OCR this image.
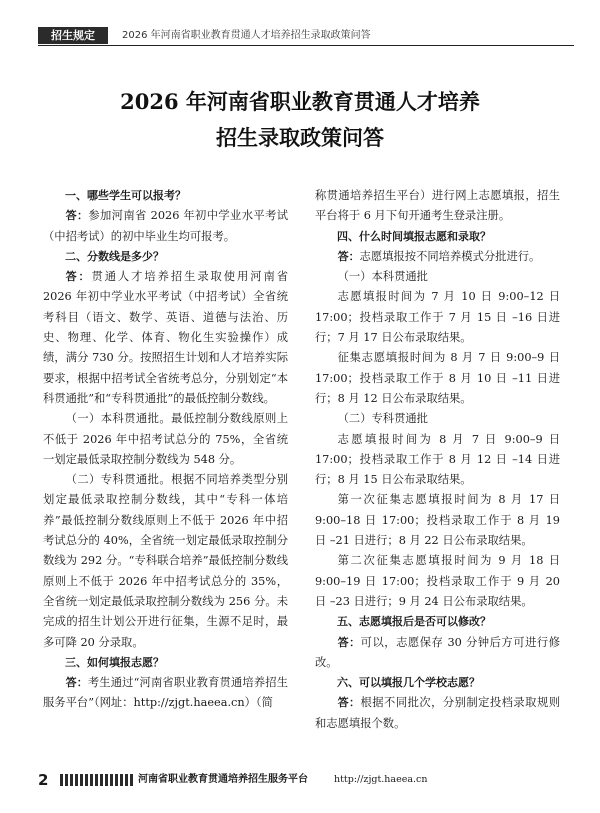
招生规定	2026 年河南省职业教育贯通人才培养招生录取政策问答
2026 年河南省职业教育贯通人才培养
招生录取政策问答

一、哪些学生可以报考？

答：参加河南省 2026 年初中学业水平考试（中招考试）的初中毕业生均可报考。

二、分数线是多少？

答：贯通人才培养招生录取使用河南省 2026 年初中学业水平考试（中招考试）全省统考科目（语文、数学、英语、道德与法治、历史、物理、化学、体育、物化生实验操作）成绩，满分 730 分。按照招生计划和人才培养实际要求，根据中招考试全省统考总分，分别划定“本科贯通批”和“专科贯通批”的最低控制分数线。

（一）本科贯通批。最低控制分数线原则上不低于 2026 年中招考试总分的 75%，全省统一划定最低录取控制分数线为 548 分。

（二）专科贯通批。根据不同培养类型分别划定最低录取控制分数线，其中“专科一体培养”最低控制分数线原则上不低于 2026 年中招考试总分的 40%，全省统一划定最低录取控制分数线为 292 分。“专科联合培养”最低控制分数线原则上不低于 2026 年中招考试总分的 35%，全省统一划定最低录取控制分数线为 256 分。未完成的招生计划公开进行征集，生源不足时，最多可降 20 分录取。

三、如何填报志愿？

答：考生通过“河南省职业教育贯通培养招生服务平台”（网址：http://zjgt.haeea.cn）（简

称贯通培养招生平台）进行网上志愿填报，招生平台将于 6 月下旬开通考生登录注册。

四、什么时间填报志愿和录取？

答：志愿填报按不同培养模式分批进行。

（一）本科贯通批

志愿填报时间为 7 月 10 日 9:00–12 日 17:00；投档录取工作于 7 月 15 日 –16 日进行；7 月 17 日公布录取结果。

征集志愿填报时间为 8 月 7 日 9:00–9 日 17:00；投档录取工作于 8 月 10 日 –11 日进行；8 月 12 日公布录取结果。

（二）专科贯通批

志愿填报时间为 8 月 7 日 9:00–9 日 17:00；投档录取工作于 8 月 12 日 –14 日进行；8 月 15 日公布录取结果。

第一次征集志愿填报时间为 8 月 17 日 9:00–18 日 17:00；投档录取工作于 8 月 19 日 –21 日进行；8 月 22 日公布录取结果。

第二次征集志愿填报时间为 9 月 18 日 9:00–19 日 17:00；投档录取工作于 9 月 20 日 –23 日进行；9 月 24 日公布录取结果。

五、志愿填报后是否可以修改？

答：可以，志愿保存 30 分钟后方可进行修改。

六、可以填报几个学校志愿？

答：根据不同批次，分别制定投档录取规则和志愿填报个数。

2	河南省职业教育贯通培养招生服务平台	http://zjgt.haeea.cn
